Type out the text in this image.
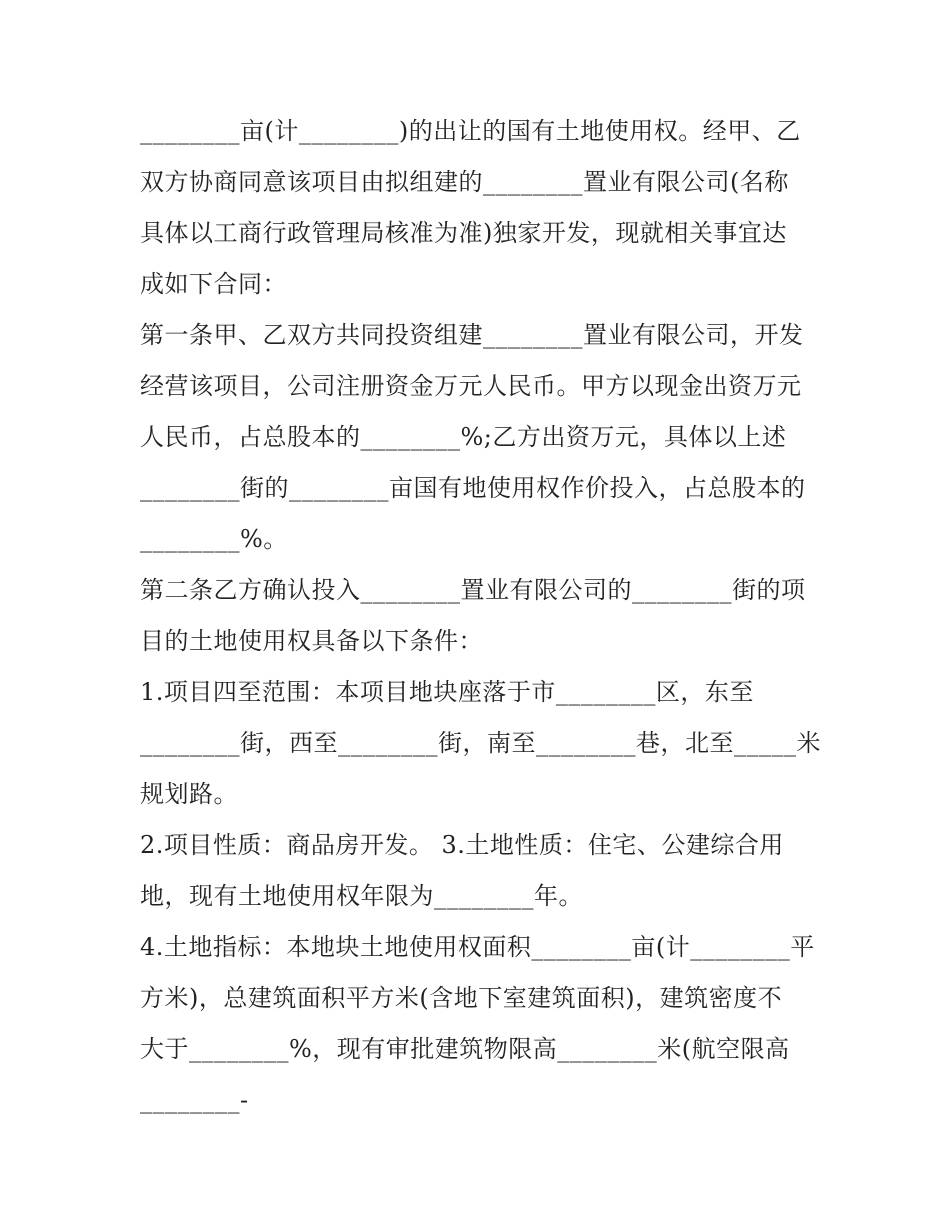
________亩(计________)的出让的国有土地使用权。经甲、乙
双方协商同意该项目由拟组建的________置业有限公司(名称
具体以工商行政管理局核准为准)独家开发，现就相关事宜达
成如下合同：
第一条甲、乙双方共同投资组建________置业有限公司，开发
经营该项目，公司注册资金万元人民币。甲方以现金出资万元
人民币，占总股本的________%;乙方出资万元，具体以上述
________街的________亩国有地使用权作价投入，占总股本的
________%。
第二条乙方确认投入________置业有限公司的________街的项
目的土地使用权具备以下条件：
1.项目四至范围：本项目地块座落于市________区，东至
________街，西至________街，南至________巷，北至_____米
规划路。
2.项目性质：商品房开发。 3.土地性质：住宅、公建综合用
地，现有土地使用权年限为________年。
4.土地指标：本地块土地使用权面积________亩(计________平
方米)，总建筑面积平方米(含地下室建筑面积)，建筑密度不
大于________%，现有审批建筑物限高________米(航空限高
________-
